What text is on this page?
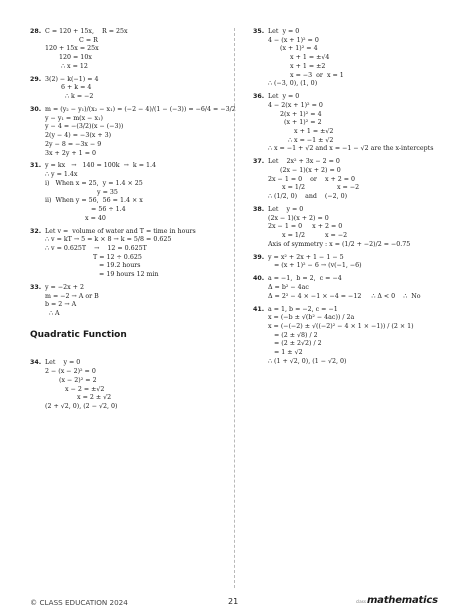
28. C = 120 + 15x,    R = 25x
C = R
120 + 15x = 25x
120 = 10x
∴ x = 12
29. 3(2) − k(−1) = 4
6 + k = 4
∴ k = −2
30. m = (y₂ − y₁)/(x₂ − x₁) = (−2 − 4)/(1 − (−3)) = −6/4 = −3/2
y − y₁ = m(x − x₁)
y − 4 = −(3/2)(x − (−3))
2(y − 4) = −3(x + 3)
2y − 8 = −3x − 9
3x + 2y + 1 = 0
31. y = kx   →   140 = 100k  →  k = 1.4
∴ y = 1.4x
i)   When x = 25,  y = 1.4 × 25
y = 35
ii)  When y = 56,  56 = 1.4 × x
= 56 ÷ 1.4
x = 40
32. Let v =  volume of water and T = time in hours
∴ v = kT → 5 = k × 8 → k = 5/8 = 0.625
∴ v = 0.625T    →    12 = 0.625T
T = 12 ÷ 0.625
= 19.2 hours
= 19 hours 12 min
33. y = −2x + 2
m = −2 → A or B
b = 2 → A
∴ A
Quadratic Function
34. Let    y = 0
2 − (x − 2)² = 0
(x − 2)² = 2
x − 2 = ±√2
x = 2 ± √2
(2 + √2, 0), (2 − √2, 0)
35. Let  y = 0
4 − (x + 1)² = 0
(x + 1)² = 4
x + 1 = ±√4
x + 1 = ±2
x = −3  or  x = 1
∴ (−3, 0), (1, 0)
36. Let  y = 0
4 − 2(x + 1)² = 0
2(x + 1)² = 4
(x + 1)² = 2
x + 1 = ±√2
∴ x = −1 ± √2
∴ x = −1 + √2 and x = −1 − √2 are the x-intercepts
37. Let    2x² + 3x − 2 = 0
(2x − 1)(x + 2) = 0
2x − 1 = 0    or    x + 2 = 0
x = 1/2                x = −2
∴ (1/2, 0)    and    (−2, 0)
38. Let    y = 0
(2x − 1)(x + 2) = 0
2x − 1 = 0     x + 2 = 0
x = 1/2          x = −2
Axis of symmetry : x = (1/2 + −2)/2 = −0.75
39. y = x² + 2x + 1 − 1 − 5
= (x + 1)² − 6 → (v(−1, −6)
40. a = −1,  b = 2,  c = −4
Δ = b² − 4ac
Δ = 2² − 4 × −1 × −4 = −12     ∴ Δ < 0    ∴  No
41. a = 1, b = −2, c = −1
x = (−b ± √(b² − 4ac)) / 2a
x = (−(−2) ± √((−2)² − 4 × 1 × −1)) / (2 × 1)
= (2 ± √8) / 2
= (2 ± 2√2) / 2
= 1 ± √2
∴ (1 + √2, 0), (1 − √2, 0)
© CLASS EDUCATION 2024	21	class mathematics
